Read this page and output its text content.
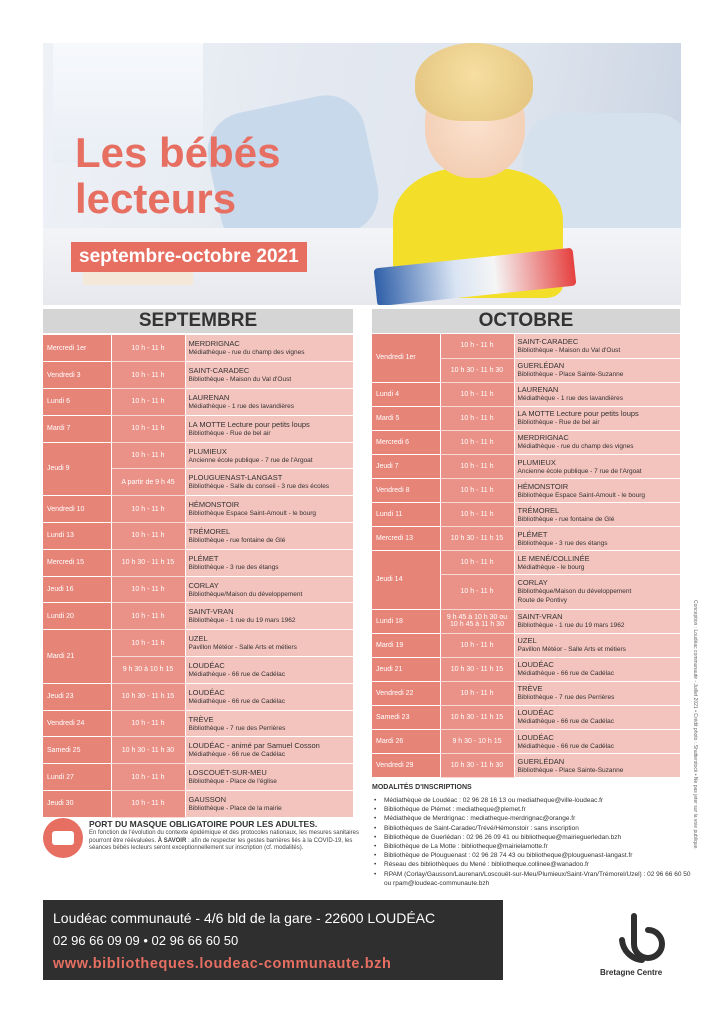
Les bébés
lecteurs
septembre-octobre 2021
SEPTEMBRE	OCTOBRE
Mercredi 1er	10 h - 11 h	MERDRIGNAC
Médiathèque - rue du champ des vignes

Vendredi 3	10 h - 11 h	SAINT-CARADEC
Bibliothèque - Maison du Val d'Oust

Lundi 6	10 h - 11 h	LAURENAN
Médiathèque - 1 rue des lavandières

Mardi 7	10 h - 11 h	LA MOTTE Lecture pour petits loups
Bibliothèque - Rue de bel air

Jeudi 9	10 h - 11 h	PLUMIEUX
Ancienne école publique - 7 rue de l'Argoat

	A partir de 9 h 45	PLOUGUENAST-LANGAST
Bibliothèque - Salle du conseil - 3 rue des écoles

Vendredi 10	10 h - 11 h	HÉMONSTOIR
Bibliothèque Espace Saint-Amoult - le bourg

Lundi 13	10 h - 11 h	TRÉMOREL
Bibliothèque - rue fontaine de Glé

Mercredi 15	10 h 30 - 11 h 15	PLÉMET
Bibliothèque - 3 rue des étangs

Jeudi 16	10 h - 11 h	CORLAY
Bibliothèque/Maison du développement

Lundi 20	10 h - 11 h	SAINT-VRAN
Bibliothèque - 1 rue du 19 mars 1962

Mardi 21	10 h - 11 h	UZEL
Pavillon Météor - Salle Arts et métiers

	9 h 30 à 10 h 15	LOUDÉAC
Médiathèque - 66 rue de Cadélac

Jeudi 23	10 h 30 - 11 h 15	LOUDÉAC
Médiathèque - 66 rue de Cadélac

Vendredi 24	10 h - 11 h	TRÈVE
Bibliothèque - 7 rue des Perrières

Samedi 25	10 h 30 - 11 h 30	LOUDÉAC - animé par Samuel Cosson
Médiathèque - 66 rue de Cadélac

Lundi 27	10 h - 11 h	LOSCOUËT-SUR-MEU
Bibliothèque - Place de l'église

Jeudi 30	10 h - 11 h	GAUSSON
Bibliothèque - Place de la mairie
Vendredi 1er	10 h - 11 h	SAINT-CARADEC
Bibliothèque - Maison du Val d'Oust

	10 h 30 - 11 h 30	GUERLÉDAN
Bibliothèque - Place Sainte-Suzanne

Lundi 4	10 h - 11 h	LAURENAN
Médiathèque - 1 rue des lavandières

Mardi 5	10 h - 11 h	LA MOTTE Lecture pour petits loups
Bibliothèque - Rue de bel air

Mercredi 6	10 h - 11 h	MERDRIGNAC
Médiathèque - rue du champ des vignes

Jeudi 7	10 h - 11 h	PLUMIEUX
Ancienne école publique - 7 rue de l'Argoat

Vendredi 8	10 h - 11 h	HÉMONSTOIR
Bibliothèque Espace Saint-Amoult - le bourg

Lundi 11	10 h - 11 h	TRÉMOREL
Bibliothèque - rue fontaine de Glé

Mercredi 13	10 h 30 - 11 h 15	PLÉMET
Bibliothèque - 3 rue des étangs

Jeudi 14	10 h - 11 h	LE MENÉ/COLLINÉE
Médiathèque - le bourg

	10 h - 11 h	CORLAY
Bibliothèque/Maison du développement
Route de Pontivy

Lundi 18	9 h 45 à 10 h 30 ou 10 h 45 à 11 h 30	SAINT-VRAN
Bibliothèque - 1 rue du 19 mars 1962

Mardi 19	10 h - 11 h	UZEL
Pavillon Météor - Salle Arts et métiers

Jeudi 21	10 h 30 - 11 h 15	LOUDÉAC
Médiathèque - 66 rue de Cadélac

Vendredi 22	10 h - 11 h	TRÈVE
Bibliothèque - 7 rue des Perrières

Samedi 23	10 h 30 - 11 h 15	LOUDÉAC
Médiathèque - 66 rue de Cadélac

Mardi 26	9 h 30 - 10 h 15	LOUDÉAC
Médiathèque - 66 rue de Cadélac

Vendredi 29	10 h 30 - 11 h 30	GUERLÉDAN
Bibliothèque - Place Sainte-Suzanne
MODALITÉS D'INSCRIPTIONS
• Médiathèque de Loudéac : 02 96 28 16 13 ou mediatheque@ville-loudeac.fr
• Bibliothèque de Plémet : mediatheque@plemet.fr
• Médiathèque de Merdrignac : mediatheque-merdrignac@orange.fr
• Bibliothèques de Saint-Caradec/Trévé/Hémonstoir : sans inscription
• Bibliothèque de Guerlédan : 02 96 26 09 41 ou bibliotheque@mairieguerledan.bzh
• Bibliothèque de La Motte : bibliotheque@mairielamotte.fr
• Bibliothèque de Plouguenast : 02 96 28 74 43 ou bibliotheque@plouguenast-langast.fr
• Réseau des bibliothèques du Mené : bibliotheque.collinee@wanadoo.fr
• RPAM (Corlay/Gausson/Laurenan/Loscouët-sur-Meu/Plumieux/Saint-Vran/Trémorel/Uzel) : 02 96 66 60 50 ou rpam@loudeac-communaute.bzh
PORT DU MASQUE OBLIGATOIRE POUR LES ADULTES.
En fonction de l'évolution du contexte épidémique et des protocoles nationaux, les mesures sanitaires pourront être réévaluées. À SAVOIR : afin de respecter les gestes barrières liés à la COVID-19, les séances bébés lecteurs seront exceptionnellement sur inscription (cf. modalités).
Loudéac communauté - 4/6 bld de la gare - 22600 LOUDÉAC
02 96 66 09 09 • 02 96 66 60 50
www.bibliotheques.loudeac-communaute.bzh
Bretagne Centre
Conception : Loudéac communauté - Juillet 2021 • Crédit photo : Shutterstock • Ne pas jeter sur la voie publique.
